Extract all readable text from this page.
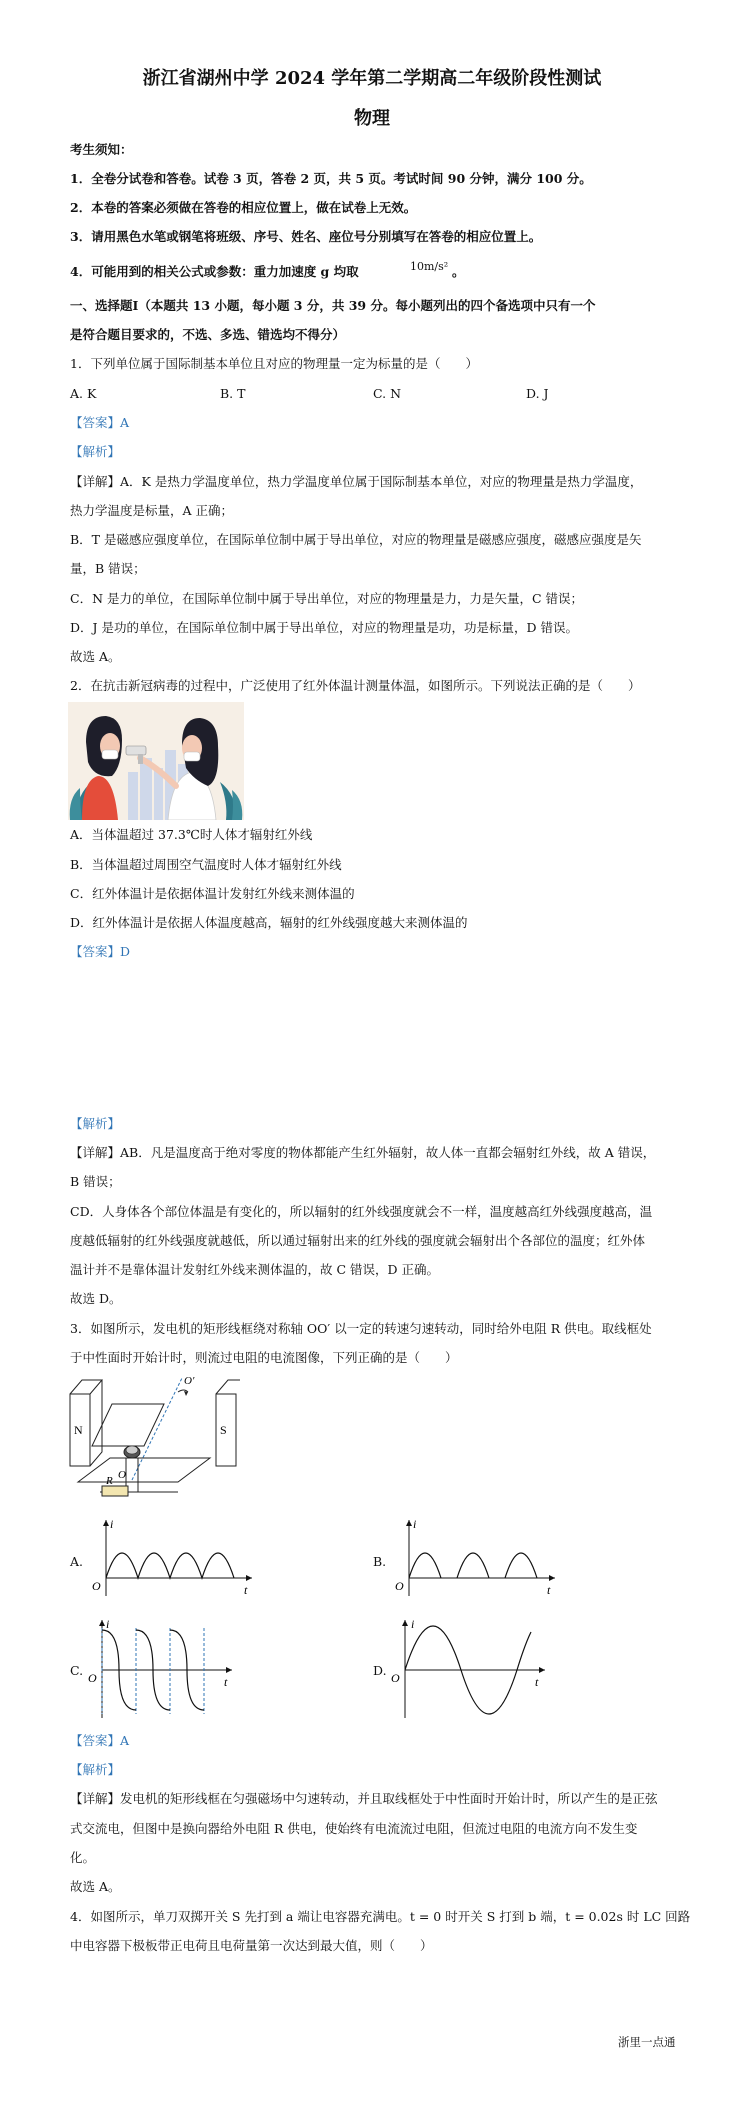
浙江省湖州中学 2024 学年第二学期高二年级阶段性测试
物理
考生须知：
1．全卷分试卷和答卷。试卷 3 页，答卷 2 页，共 5 页。考试时间 90 分钟，满分 100 分。
2．本卷的答案必须做在答卷的相应位置上，做在试卷上无效。
3．请用黑色水笔或钢笔将班级、序号、姓名、座位号分别填写在答卷的相应位置上。
4．可能用到的相关公式或参数：重力加速度 g 均取	10m/s² 。
一、选择题Ⅰ（本题共 13 小题，每小题 3 分，共 39 分。每小题列出的四个备选项中只有一个
是符合题目要求的，不选、多选、错选均不得分）
1．下列单位属于国际制基本单位且对应的物理量一定为标量的是（　　）
A. K	B. T	C. N	D. J
【答案】A
【解析】
【详解】A．K 是热力学温度单位，热力学温度单位属于国际制基本单位，对应的物理量是热力学温度，
热力学温度是标量，A 正确；
B．T 是磁感应强度单位，在国际单位制中属于导出单位，对应的物理量是磁感应强度，磁感应强度是矢
量，B 错误；
C．N 是力的单位，在国际单位制中属于导出单位，对应的物理量是力，力是矢量，C 错误；
D．J 是功的单位，在国际单位制中属于导出单位，对应的物理量是功，功是标量，D 错误。
故选 A。
2．在抗击新冠病毒的过程中，广泛使用了红外体温计测量体温，如图所示。下列说法正确的是（　　）
A．当体温超过 37.3℃时人体才辐射红外线
B．当体温超过周围空气温度时人体才辐射红外线
C．红外体温计是依据体温计发射红外线来测体温的
D．红外体温计是依据人体温度越高，辐射的红外线强度越大来测体温的
【答案】D
【解析】
【详解】AB．凡是温度高于绝对零度的物体都能产生红外辐射，故人体一直都会辐射红外线，故 A 错误，
B 错误；
CD．人身体各个部位体温是有变化的，所以辐射的红外线强度就会不一样，温度越高红外线强度越高，温
度越低辐射的红外线强度就越低，所以通过辐射出来的红外线的强度就会辐射出个各部位的温度；红外体
温计并不是靠体温计发射红外线来测体温的，故 C 错误，D 正确。
故选 D。
3．如图所示，发电机的矩形线框绕对称轴 OO′ 以一定的转速匀速转动，同时给外电阻 R 供电。取线框处
于中性面时开始计时，则流过电阻的电流图像，下列正确的是（　　）
N	S
O
O′
R
A.	B.
C.	D.
i
O	t
i
O	t
i
O	t
i
O	t
【答案】A
【解析】
【详解】发电机的矩形线框在匀强磁场中匀速转动，并且取线框处于中性面时开始计时，所以产生的是正弦
式交流电，但图中是换向器给外电阻 R 供电，使始终有电流流过电阻，但流过电阻的电流方向不发生变
化。
故选 A。
4．如图所示，单刀双掷开关 S 先打到 a 端让电容器充满电。t = 0 时开关 S 打到 b 端，t = 0.02s 时 LC 回路
中电容器下极板带正电荷且电荷量第一次达到最大值，则（　　）
浙里一点通
